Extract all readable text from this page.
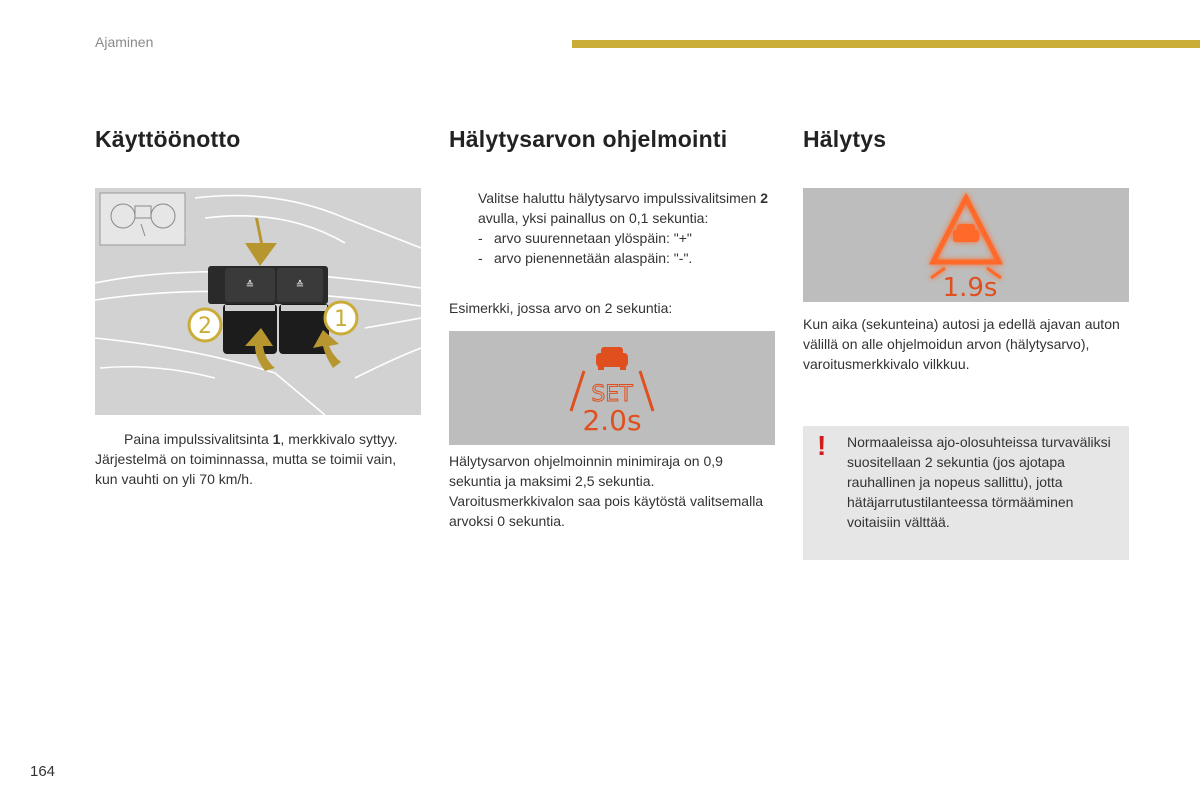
Ajaminen
Käyttöönotto
≙	≙
2	1

Paina impulssivalitsinta 1, merkkivalo syttyy.

Järjestelmä on toiminnassa, mutta se toimii vain, kun vauhti on yli 70 km/h.

Hälytysarvon ohjelmointi

Valitse haluttu hälytysarvo impulssivalitsimen 2 avulla, yksi painallus on 0,1 sekuntia:

- arvo suurennetaan ylöspäin: "+"

- arvo pienennetään alaspäin: "-".

Esimerkki, jossa arvo on 2 sekuntia:

SET
2.0s

Hälytysarvon ohjelmoinnin minimiraja on 0,9 sekuntia ja maksimi 2,5 sekuntia. Varoitusmerkkivalon saa pois käytöstä valitsemalla arvoksi 0 sekuntia.

Hälytys
1.9s

Kun aika (sekunteina) autosi ja edellä ajavan auton välillä on alle ohjelmoidun arvon (hälytysarvo), varoitusmerkkivalo vilkkuu.

! Normaaleissa ajo-olosuhteissa turvaväliksi suositellaan 2 sekuntia (jos ajotapa rauhallinen ja nopeus sallittu), jotta hätäjarrutustilanteessa törmääminen voitaisiin välttää.

164
